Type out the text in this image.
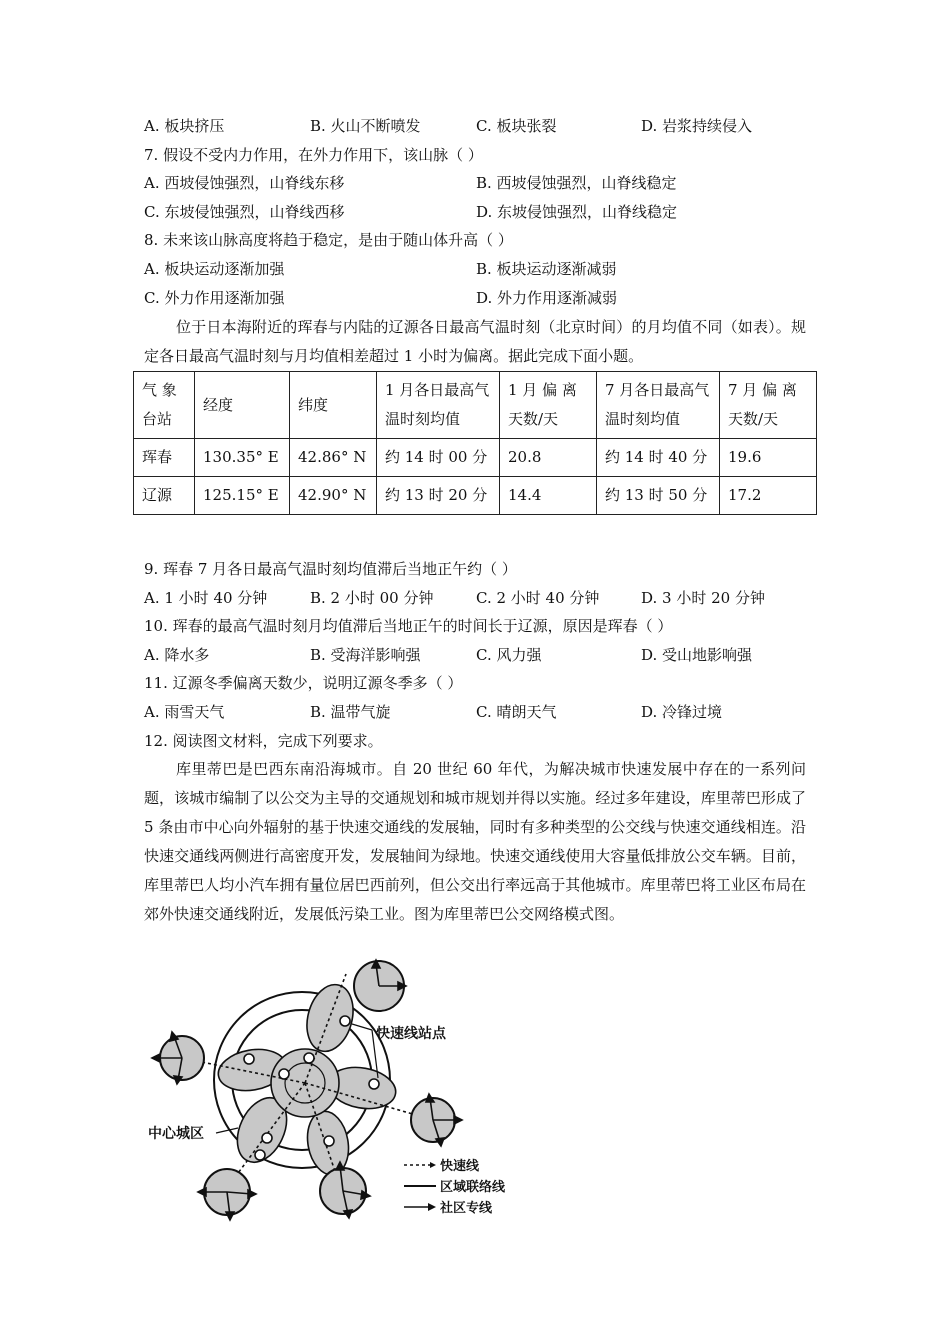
A. 板块挤压	B. 火山不断喷发	C. 板块张裂	D. 岩浆持续侵入
7. 假设不受内力作用，在外力作用下，该山脉（ ）
A. 西坡侵蚀强烈，山脊线东移	B. 西坡侵蚀强烈，山脊线稳定
C. 东坡侵蚀强烈，山脊线西移	D. 东坡侵蚀强烈，山脊线稳定
8. 未来该山脉高度将趋于稳定，是由于随山体升高（ ）
A. 板块运动逐渐加强	B. 板块运动逐渐减弱
C. 外力作用逐渐加强	D. 外力作用逐渐减弱
位于日本海附近的珲春与内陆的辽源各日最高气温时刻（北京时间）的月均值不同（如表）。规定各日最高气温时刻与月均值相差超过 1 小时为偏离。据此完成下面小题。
气 象 台站	经度	纬度	1 月各日最高气温时刻均值	1 月 偏 离 天数/天	7 月各日最高气温时刻均值	7 月 偏 离 天数/天
珲春	130.35° E	42.86° N	约 14 时 00 分	20.8	约 14 时 40 分	19.6
辽源	125.15° E	42.90° N	约 13 时 20 分	14.4	约 13 时 50 分	17.2
9. 珲春 7 月各日最高气温时刻均值滞后当地正午约（ ）
A. 1 小时 40 分钟	B. 2 小时 00 分钟	C. 2 小时 40 分钟	D. 3 小时 20 分钟
10. 珲春的最高气温时刻月均值滞后当地正午的时间长于辽源，原因是珲春（ ）
A. 降水多	B. 受海洋影响强	C. 风力强	D. 受山地影响强
11. 辽源冬季偏离天数少，说明辽源冬季多（ ）
A. 雨雪天气	B. 温带气旋	C. 晴朗天气	D. 冷锋过境
12. 阅读图文材料，完成下列要求。
库里蒂巴是巴西东南沿海城市。自 20 世纪 60 年代，为解决城市快速发展中存在的一系列问题，该城市编制了以公交为主导的交通规划和城市规划并得以实施。经过多年建设，库里蒂巴形成了 5 条由市中心向外辐射的基于快速交通线的发展轴，同时有多种类型的公交线与快速交通线相连。沿快速交通线两侧进行高密度开发，发展轴间为绿地。快速交通线使用大容量低排放公交车辆。目前，库里蒂巴人均小汽车拥有量位居巴西前列，但公交出行率远高于其他城市。库里蒂巴将工业区布局在郊外快速交通线附近，发展低污染工业。图为库里蒂巴公交网络模式图。
快速线站点
中心城区
快速线
区域联络线
社区专线
